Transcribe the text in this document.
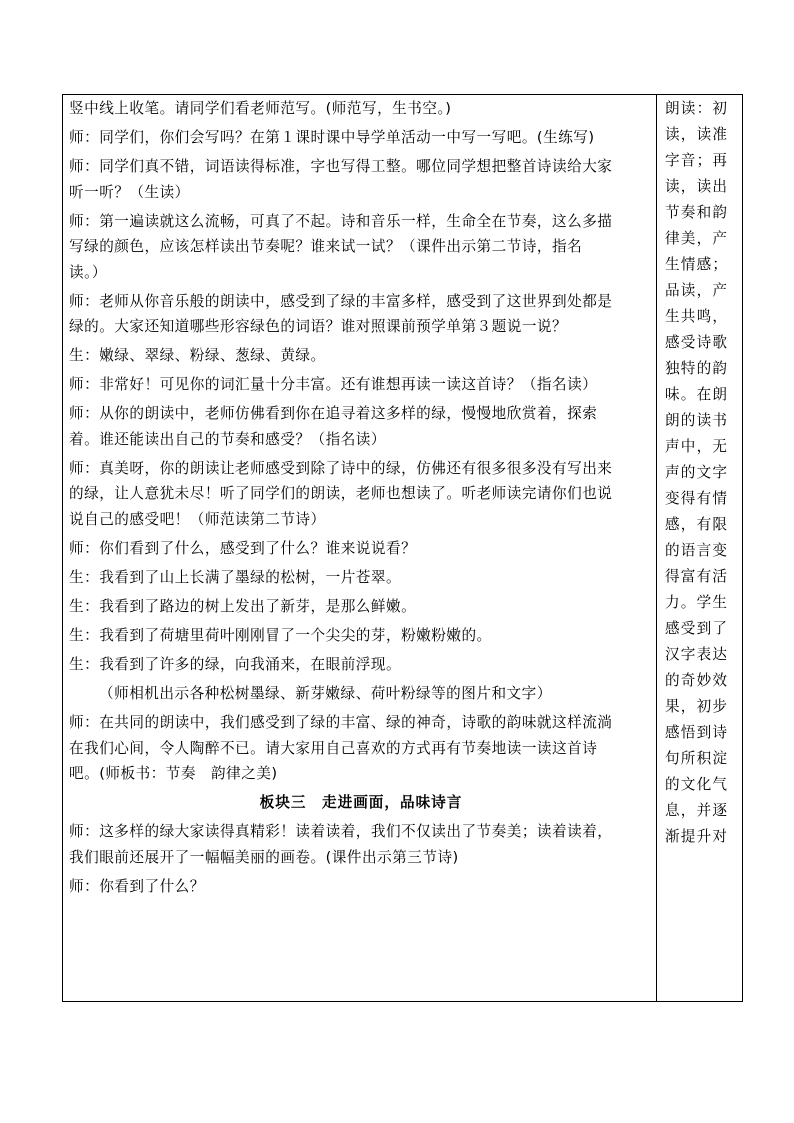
竖中线上收笔。请同学们看老师范写。(师范写，生书空。)
师：同学们，你们会写吗？在第１课时课中导学单活动一中写一写吧。(生练写)
师：同学们真不错，词语读得标准，字也写得工整。哪位同学想把整首诗读给大家
听一听？（生读）
师：第一遍读就这么流畅，可真了不起。诗和音乐一样，生命全在节奏，这么多描
写绿的颜色，应该怎样读出节奏呢？谁来试一试？（课件出示第二节诗，指名
读。）
师：老师从你音乐般的朗读中，感受到了绿的丰富多样，感受到了这世界到处都是
绿的。大家还知道哪些形容绿色的词语？谁对照课前预学单第３题说一说？
生：嫩绿、翠绿、粉绿、葱绿、黄绿。
师：非常好！可见你的词汇量十分丰富。还有谁想再读一读这首诗？（指名读）
师：从你的朗读中，老师仿佛看到你在追寻着这多样的绿，慢慢地欣赏着，探索
着。谁还能读出自己的节奏和感受？（指名读）
师：真美呀，你的朗读让老师感受到除了诗中的绿，仿佛还有很多很多没有写出来
的绿，让人意犹未尽！听了同学们的朗读，老师也想读了。听老师读完请你们也说
说自己的感受吧！（师范读第二节诗）
师：你们看到了什么，感受到了什么？谁来说说看？
生：我看到了山上长满了墨绿的松树，一片苍翠。
生：我看到了路边的树上发出了新芽，是那么鲜嫩。
生：我看到了荷塘里荷叶刚刚冒了一个尖尖的芽，粉嫩粉嫩的。
生：我看到了许多的绿，向我涌来，在眼前浮现。
（师相机出示各种松树墨绿、新芽嫩绿、荷叶粉绿等的图片和文字）
师：在共同的朗读中，我们感受到了绿的丰富、绿的神奇，诗歌的韵味就这样流淌
在我们心间，令人陶醉不已。请大家用自己喜欢的方式再有节奏地读一读这首诗
吧。(师板书：节奏　韵律之美)
板块三　走进画面，品味诗言
师：这多样的绿大家读得真精彩！读着读着，我们不仅读出了节奏美；读着读着，
我们眼前还展开了一幅幅美丽的画卷。(课件出示第三节诗)
师：你看到了什么？
朗读：初
读，读准
字音；再
读，读出
节奏和韵
律美，产
生情感；
品读，产
生共鸣，
感受诗歌
独特的韵
味。在朗
朗的读书
声中，无
声的文字
变得有情
感，有限
的语言变
得富有活
力。学生
感受到了
汉字表达
的奇妙效
果，初步
感悟到诗
句所积淀
的文化气
息，并逐
渐提升对
